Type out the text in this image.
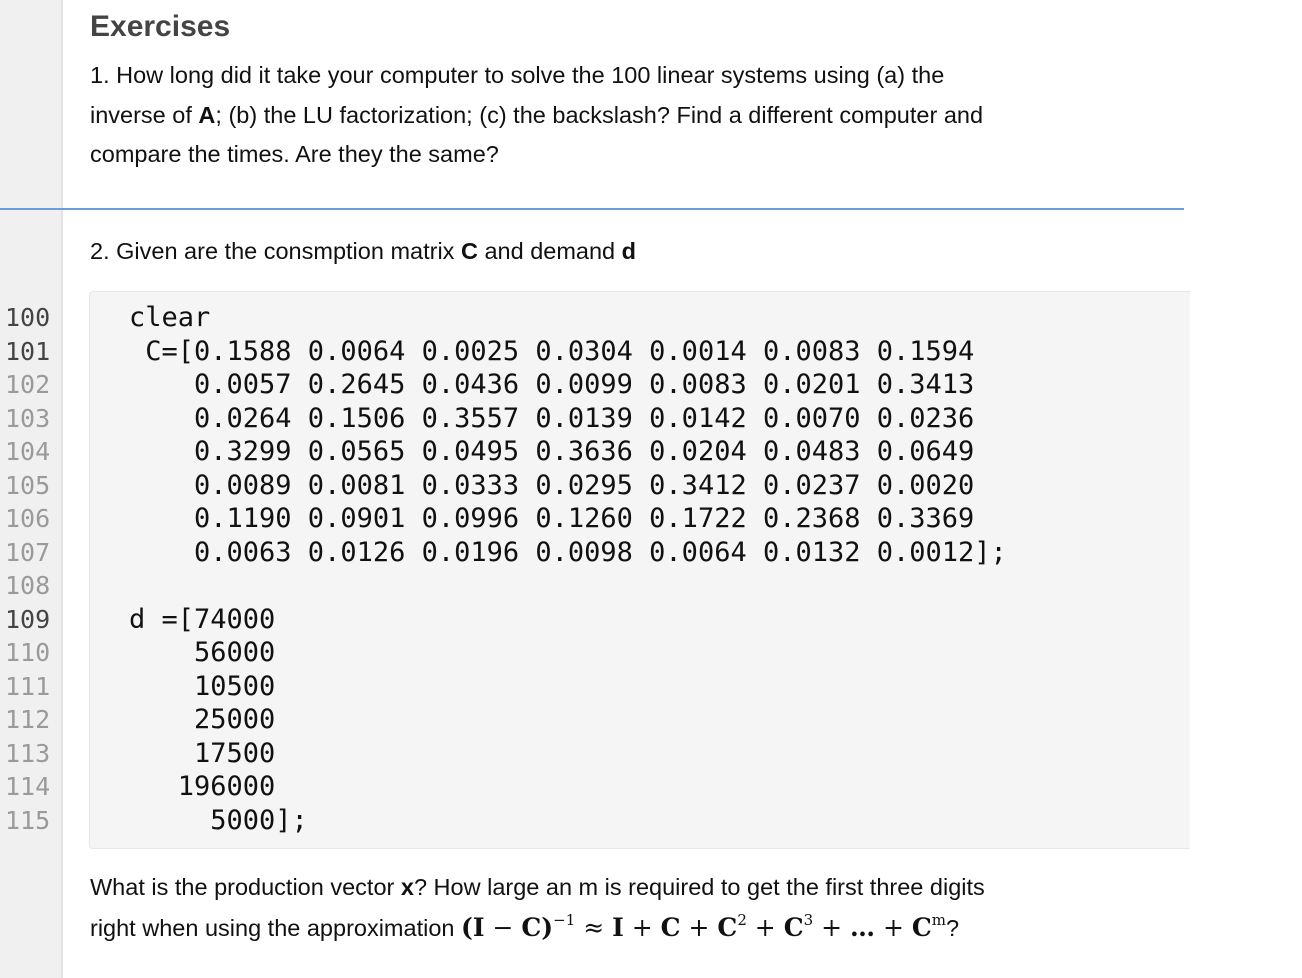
Exercises

1. How long did it take your computer to solve the 100 linear systems using (a) the
inverse of A; (b) the LU factorization; (c) the backslash? Find a different computer and
compare the times. Are they the same?

2. Given are the consmption matrix C and demand d

clear
C=[0.1588 0.0064 0.0025 0.0304 0.0014 0.0083 0.1594
0.0057 0.2645 0.0436 0.0099 0.0083 0.0201 0.3413
0.0264 0.1506 0.3557 0.0139 0.0142 0.0070 0.0236
0.3299 0.0565 0.0495 0.3636 0.0204 0.0483 0.0649
0.0089 0.0081 0.0333 0.0295 0.3412 0.0237 0.0020
0.1190 0.0901 0.0996 0.1260 0.1722 0.2368 0.3369
0.0063 0.0126 0.0196 0.0098 0.0064 0.0132 0.0012];
d =[74000
56000
10500
25000
17500
196000
5000];
100
101
102
103
104
105
106
107
108
109
110
111
112
113
114
115

What is the production vector x? How large an m is required to get the first three digits
right when using the approximation $(I - C)^{-1} \approx I + C + C^2 + C^3$ + … + $C^m$?
